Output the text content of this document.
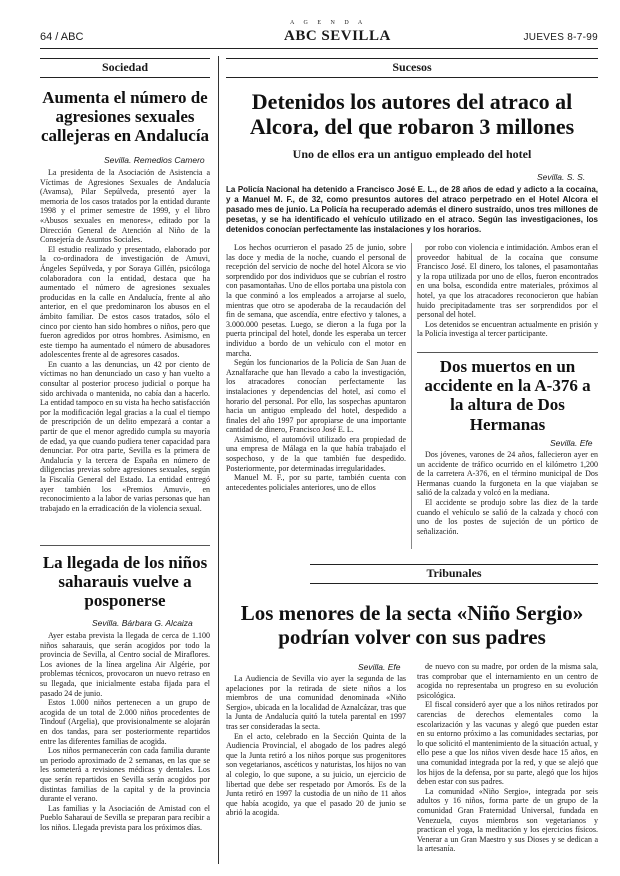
64 / ABC
A G E N D A
ABC SEVILLA	JUEVES 8-7-99
Sociedad
Aumenta el número de agresiones sexuales callejeras en Andalucía
Sevilla. Remedios Camero

La presidenta de la Asociación de Asistencia a Víctimas de Agresiones Sexuales de Andalucía (Avamsa), Pilar Sepúlveda, presentó ayer la memoria de los casos tratados por la entidad durante 1998 y el primer semestre de 1999, y el libro «Abusos sexuales en menores», editado por la Dirección General de Atención al Niño de la Consejería de Asuntos Sociales.

El estudio realizado y presentado, elaborado por la co-ordinadora de investigación de Amuvi, Ángeles Sepúlveda, y por Soraya Gillén, psicóloga colaboradora con la entidad, destaca que ha aumentado el número de agresiones sexuales producidas en la calle en Andalucía, frente al año anterior, en el que predominaron los abusos en el ámbito familiar. De estos casos tratados, sólo el cinco por ciento han sido hombres o niños, pero que fueron agredidos por otros hombres. Asimismo, en este tiempo ha aumentado el número de abusadores adolescentes frente al de agresores casados.

En cuanto a las denuncias, un 42 por ciento de víctimas no han denunciado un caso y han vuelto a consultar al posterior proceso judicial o porque ha sido archivada o mantenida, no cabía dan a hacerlo. La entidad tampoco en su vista ha hecho satisfacción por la modificación legal gracias a la cual el tiempo de prescripción de un delito empezará a contar a partir de que el menor agredido cumpla su mayoría de edad, ya que cuando pudiera tener capacidad para denunciar. Por otra parte, Sevilla es la primera de Andalucía y la tercera de España en número de diligencias previas sobre agresiones sexuales, según la Fiscalía General del Estado. La entidad entregó ayer también los «Premios Amuvi», en reconocimiento a la labor de varias personas que han trabajado en la erradicación de la violencia sexual.

La llegada de los niños saharauis vuelve a posponerse
Sevilla. Bárbara G. Alcaiza

Ayer estaba prevista la llegada de cerca de 1.100 niños saharauis, que serán acogidos por todo la provincia de Sevilla, al Centro social de Miraflores. Los aviones de la línea argelina Air Algérie, por problemas técnicos, provocaron un nuevo retraso en su llegada, que inicialmente estaba fijada para el pasado 24 de junio.

Estos 1.000 niños pertenecen a un grupo de acogida de un total de 2.000 niños procedentes de Tindouf (Argelia), que provisionalmente se alojarán en dos tandas, para ser posteriormente repartidos entre las diferentes familias de acogida.

Los niños permanecerán con cada familia durante un periodo aproximado de 2 semanas, en las que se les someterá a revisiones médicas y dentales. Los que serán repartidos en Sevilla serán acogidos por distintas familias de la capital y de la provincia durante el verano.

Las familias y la Asociación de Amistad con el Pueblo Saharaui de Sevilla se preparan para recibir a los niños. Llegada prevista para los próximos días.

Sucesos
Detenidos los autores del atraco al Alcora, del que robaron 3 millones
Uno de ellos era un antiguo empleado del hotel
Sevilla. S. S.

La Policía Nacional ha detenido a Francisco José E. L., de 28 años de edad y adicto a la cocaína, y a Manuel M. F., de 32, como presuntos autores del atraco perpetrado en el Hotel Alcora el pasado mes de junio. La Policía ha recuperado además el dinero sustraído, unos tres millones de pesetas, y se ha identificado el vehículo utilizado en el atraco. Según las investigaciones, los detenidos conocían perfectamente las instalaciones y los horarios.

Los hechos ocurrieron el pasado 25 de junio, sobre las doce y media de la noche, cuando el personal de recepción del servicio de noche del hotel Alcora se vio sorprendido por dos individuos que se cubrían el rostro con pasamontañas. Uno de ellos portaba una pistola con la que conminó a los empleados a arrojarse al suelo, mientras que otro se apoderaba de la recaudación del fin de semana, que ascendía, entre efectivo y talones, a 3.000.000 pesetas. Luego, se dieron a la fuga por la puerta principal del hotel, donde les esperaba un tercer individuo a bordo de un vehículo con el motor en marcha.

Según los funcionarios de la Policía de San Juan de Aznalfarache que han llevado a cabo la investigación, los atracadores conocían perfectamente las instalaciones y dependencias del hotel, así como el horario del personal. Por ello, las sospechas apuntaron hacia un antiguo empleado del hotel, despedido a finales del año 1997 por apropiarse de una importante cantidad de dinero, Francisco José E. L.

Asimismo, el automóvil utilizado era propiedad de una empresa de Málaga en la que había trabajado el sospechoso, y de la que también fue despedido. Posteriormente, por determinadas irregularidades.

Manuel M. F., por su parte, también cuenta con antecedentes policiales anteriores, uno de ellos

por robo con violencia e intimidación. Ambos eran el proveedor habitual de la cocaína que consume Francisco José. El dinero, los talones, el pasamontañas y la ropa utilizada por uno de ellos, fueron encontrados en una bolsa, escondida entre materiales, próximos al hotel, ya que los atracadores reconocieron que habían huido precipitadamente tras ser sorprendidos por el personal del hotel.

Los detenidos se encuentran actualmente en prisión y la Policía investiga al tercer participante.

Dos muertos en un accidente en la A-376 a la altura de Dos Hermanas
Sevilla. Efe

Dos jóvenes, varones de 24 años, fallecieron ayer en un accidente de tráfico ocurrido en el kilómetro 1,200 de la carretera A-376, en el término municipal de Dos Hermanas cuando la furgoneta en la que viajaban se salió de la calzada y volcó en la mediana.

El accidente se produjo sobre las diez de la tarde cuando el vehículo se salió de la calzada y chocó con uno de los postes de sujeción de un pórtico de señalización.

Tribunales
Los menores de la secta «Niño Sergio» podrían volver con sus padres
Sevilla. Efe

La Audiencia de Sevilla vio ayer la segunda de las apelaciones por la retirada de siete niños a los miembros de una comunidad denominada «Niño Sergio», ubicada en la localidad de Aznalcázar, tras que la Junta de Andalucía quitó la tutela parental en 1997 tras ser consideradas la secta.

En el acto, celebrado en la Sección Quinta de la Audiencia Provincial, el abogado de los padres alegó que la Junta retiró a los niños porque sus progenitores son vegetarianos, ascéticos y naturistas, los hijos no van al colegio, lo que supone, a su juicio, un ejercicio de libertad que debe ser respetado por Amorós. Es de la Junta retiró en 1997 la custodia de un niño de 11 años que había acogido, ya que el pasado 20 de junio se abrió la acogida.

de nuevo con su madre, por orden de la misma sala, tras comprobar que el internamiento en un centro de acogida no representaba un progreso en su evolución psicológica.

El fiscal consideró ayer que a los niños retirados por carencias de derechos elementales como la escolarización y las vacunas y alegó que pueden estar en su entorno próximo a las comunidades sectarias, por lo que solicitó el mantenimiento de la situación actual, y ello pese a que los niños viven desde hace 15 años, en una comunidad integrada por la red, y que se alejó que los hijos de la defensa, por su parte, alegó que los hijos deben estar con sus padres.

La comunidad «Niño Sergio», integrada por seis adultos y 16 niños, forma parte de un grupo de la comunidad Gran Fraternidad Universal, fundada en Venezuela, cuyos miembros son vegetarianos y practican el yoga, la meditación y los ejercicios físicos. Venerar a un Gran Maestro y sus Dioses y se dedican a la artesanía.
